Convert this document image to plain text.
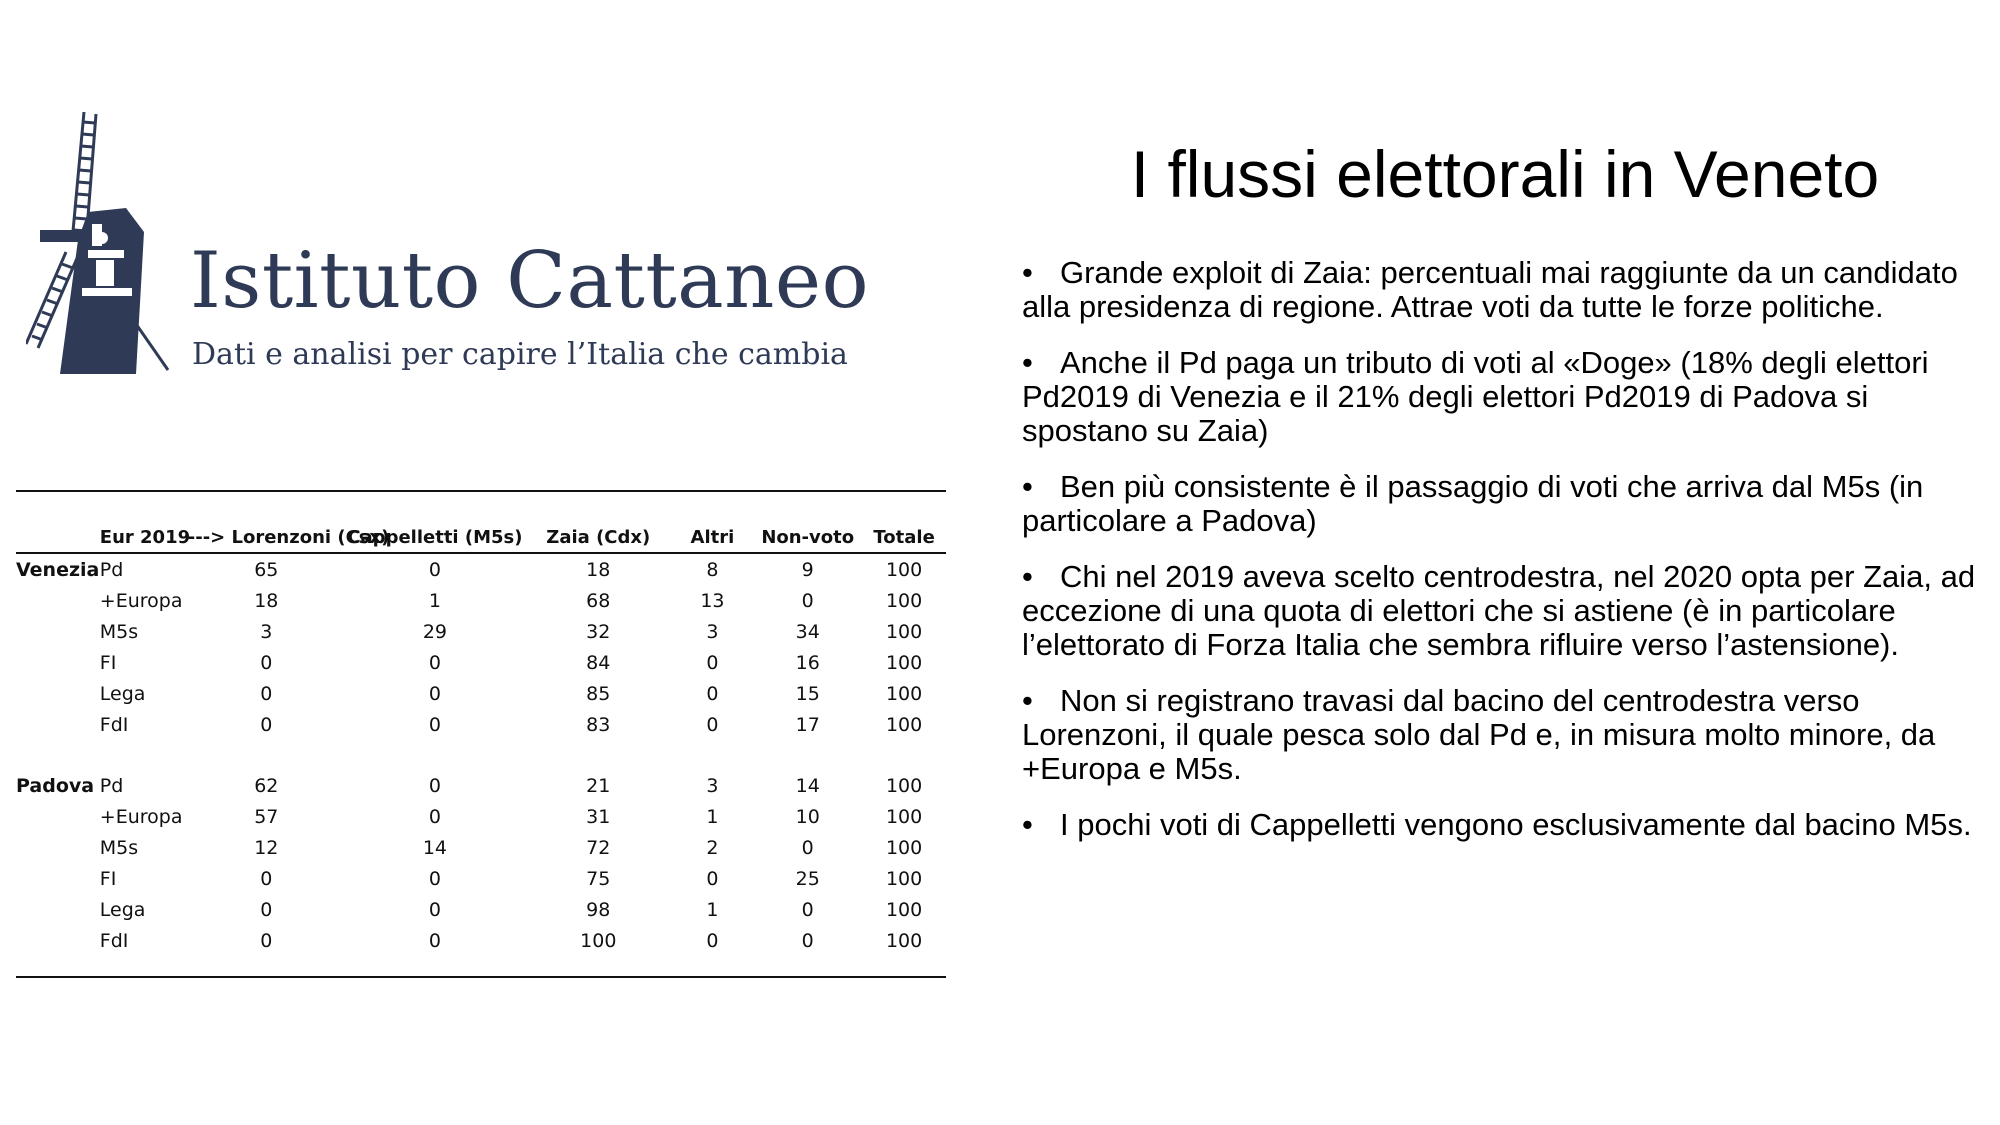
Istituto Cattaneo
Dati e analisi per capire l’Italia che cambia
	Eur 2019	---> Lorenzoni (Csx)	Cappelletti (M5s)	Zaia (Cdx)	Altri	Non-voto	Totale
Venezia	Pd	65	0	18	8	9	100
	+Europa	18	1	68	13	0	100
	M5s	3	29	32	3	34	100
	FI	0	0	84	0	16	100
	Lega	0	0	85	0	15	100
	FdI	0	0	83	0	17	100

Padova	Pd	62	0	21	3	14	100
	+Europa	57	0	31	1	10	100
	M5s	12	14	72	2	0	100
	FI	0	0	75	0	25	100
	Lega	0	0	98	1	0	100
	FdI	0	0	100	0	0	100
I flussi elettorali in Veneto
• Grande exploit di Zaia: percentuali mai raggiunte da un candidato alla presidenza di regione. Attrae voti da tutte le forze politiche.
• Anche il Pd paga un tributo di voti al «Doge» (18% degli elettori Pd2019 di Venezia e il 21% degli elettori Pd2019 di Padova si spostano su Zaia)
• Ben più consistente è il passaggio di voti che arriva dal M5s (in particolare a Padova)
• Chi nel 2019 aveva scelto centrodestra, nel 2020 opta per Zaia, ad eccezione di una quota di elettori che si astiene (è in particolare l’elettorato di Forza Italia che sembra rifluire verso l’astensione).
• Non si registrano travasi dal bacino del centrodestra verso Lorenzoni, il quale pesca solo dal Pd e, in misura molto minore, da +Europa e M5s.
• I pochi voti di Cappelletti vengono esclusivamente dal bacino M5s.
